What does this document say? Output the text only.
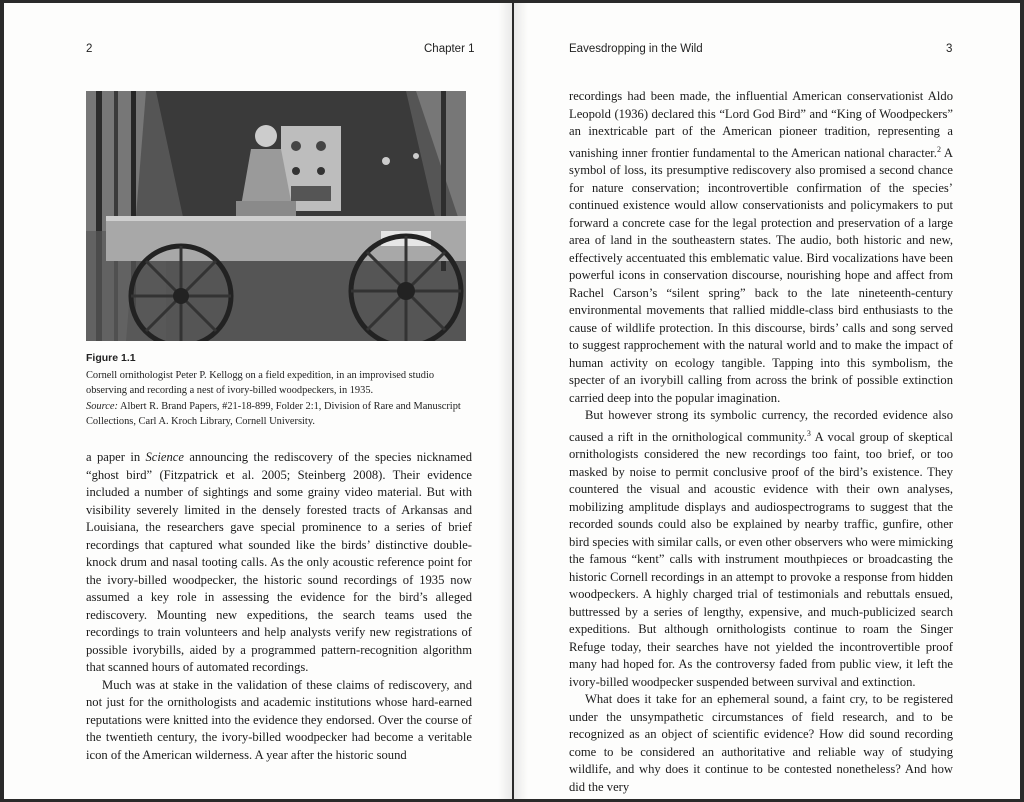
2	Chapter 1
Figure 1.1

Cornell ornithologist Peter P. Kellogg on a field expedition, in an improvised studio observing and recording a nest of ivory-billed woodpeckers, in 1935.

Source: Albert R. Brand Papers, #21-18-899, Folder 2:1, Division of Rare and Manuscript Collections, Carl A. Kroch Library, Cornell University.

a paper in Science announcing the rediscovery of the species nicknamed “ghost bird” (Fitzpatrick et al. 2005; Steinberg 2008). Their evidence included a number of sightings and some grainy video material. But with visibility severely limited in the densely forested tracts of Arkansas and Louisiana, the researchers gave special prominence to a series of brief recordings that captured what sounded like the birds’ distinctive double-knock drum and nasal tooting calls. As the only acoustic reference point for the ivory-billed woodpecker, the historic sound recordings of 1935 now assumed a key role in assessing the evidence for the bird’s alleged rediscovery. Mounting new expeditions, the search teams used the recordings to train volunteers and help analysts verify new registrations of possible ivorybills, aided by a programmed pattern-recognition algorithm that scanned hours of automated recordings.

Much was at stake in the validation of these claims of rediscovery, and not just for the ornithologists and academic institutions whose hard-earned reputations were knitted into the evidence they endorsed. Over the course of the twentieth century, the ivory-billed woodpecker had become a veritable icon of the American wilderness. A year after the historic sound

Eavesdropping in the Wild	3

recordings had been made, the influential American conservationist Aldo Leopold (1936) declared this “Lord God Bird” and “King of Woodpeckers” an inextricable part of the American pioneer tradition, representing a vanishing inner frontier fundamental to the American national character.$^2$ A symbol of loss, its presumptive rediscovery also promised a second chance for nature conservation; incontrovertible confirmation of the species’ continued existence would allow conservationists and policymakers to put forward a concrete case for the legal protection and preservation of a large area of land in the southeastern states. The audio, both historic and new, effectively accentuated this emblematic value. Bird vocalizations have been powerful icons in conservation discourse, nourishing hope and affect from Rachel Carson’s “silent spring” back to the late nineteenth-century environmental movements that rallied middle-class bird enthusiasts to the cause of wildlife protection. In this discourse, birds’ calls and song served to suggest rapprochement with the natural world and to make the impact of human activity on ecology tangible. Tapping into this symbolism, the specter of an ivorybill calling from across the brink of possible extinction carried deep into the popular imagination.

But however strong its symbolic currency, the recorded evidence also caused a rift in the ornithological community.$^3$ A vocal group of skeptical ornithologists considered the new recordings too faint, too brief, or too masked by noise to permit conclusive proof of the bird’s existence. They countered the visual and acoustic evidence with their own analyses, mobilizing amplitude displays and audiospectrograms to suggest that the recorded sounds could also be explained by nearby traffic, gunfire, other bird species with similar calls, or even other observers who were mimicking the famous “kent” calls with instrument mouthpieces or broadcasting the historic Cornell recordings in an attempt to provoke a response from hidden woodpeckers. A highly charged trial of testimonials and rebuttals ensued, buttressed by a series of lengthy, expensive, and much-publicized search expeditions. But although ornithologists continue to roam the Singer Refuge today, their searches have not yielded the incontrovertible proof many had hoped for. As the controversy faded from public view, it left the ivory-billed woodpecker suspended between survival and extinction.

What does it take for an ephemeral sound, a faint cry, to be registered under the unsympathetic circumstances of field research, and to be recognized as an object of scientific evidence? How did sound recording come to be considered an authoritative and reliable way of studying wildlife, and why does it continue to be contested nonetheless? And how did the very
